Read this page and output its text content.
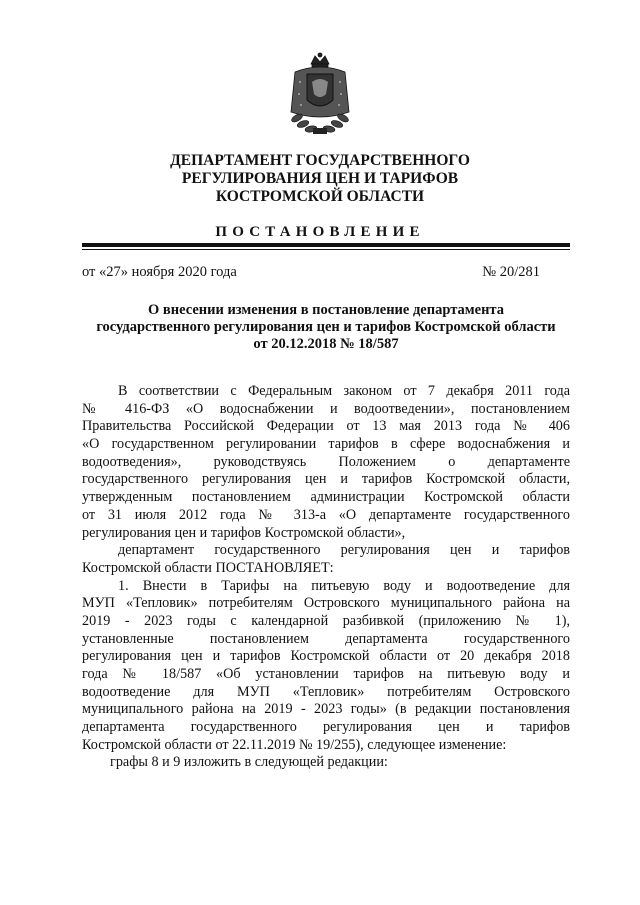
ДЕПАРТАМЕНТ ГОСУДАРСТВЕННОГО
РЕГУЛИРОВАНИЯ ЦЕН И ТАРИФОВ
КОСТРОМСКОЙ ОБЛАСТИ
ПОСТАНОВЛЕНИЕ
от «27» ноября 2020 года	№ 20/281
О внесении изменения в постановление департамента
государственного регулирования цен и тарифов Костромской области
от 20.12.2018 № 18/587
В соответствии с Федеральным законом от 7 декабря 2011 года
№ 416-ФЗ «О водоснабжении и водоотведении», постановлением
Правительства Российской Федерации от 13 мая 2013 года № 406
«О государственном регулировании тарифов в сфере водоснабжения и
водоотведения», руководствуясь Положением о департаменте
государственного регулирования цен и тарифов Костромской области,
утвержденным постановлением администрации Костромской области
от 31 июля 2012 года № 313-а «О департаменте государственного
регулирования цен и тарифов Костромской области»,
департамент государственного регулирования цен и тарифов
Костромской области ПОСТАНОВЛЯЕТ:
1. Внести в Тарифы на питьевую воду и водоотведение для
МУП «Тепловик» потребителям Островского муниципального района на
2019 - 2023 годы с календарной разбивкой (приложению № 1),
установленные постановлением департамента государственного
регулирования цен и тарифов Костромской области от 20 декабря 2018
года № 18/587 «Об установлении тарифов на питьевую воду и
водоотведение для МУП «Тепловик» потребителям Островского
муниципального района на 2019 - 2023 годы» (в редакции постановления
департамента государственного регулирования цен и тарифов
Костромской области от 22.11.2019 № 19/255), следующее изменение:
графы 8 и 9 изложить в следующей редакции:
